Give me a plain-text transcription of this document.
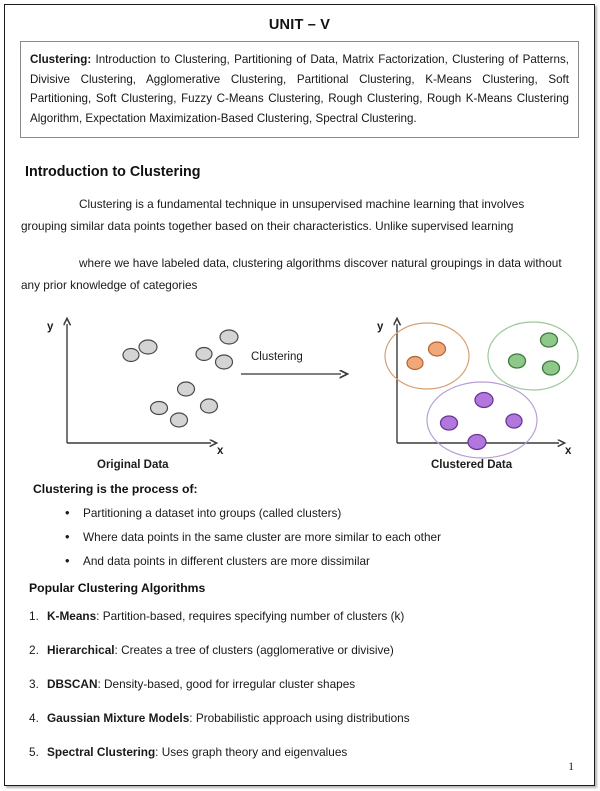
UNIT – V

Clustering: Introduction to Clustering, Partitioning of Data, Matrix Factorization, Clustering of Patterns, Divisive Clustering, Agglomerative Clustering, Partitional Clustering, K-Means Clustering, Soft Partitioning, Soft Clustering, Fuzzy C-Means Clustering, Rough Clustering, Rough K-Means Clustering Algorithm, Expectation Maximization-Based Clustering, Spectral Clustering.

Introduction to Clustering

Clustering is a fundamental technique in unsupervised machine learning that involves grouping similar data points together based on their characteristics. Unlike supervised learning

where we have labeled data, clustering algorithms discover natural groupings in data without any prior knowledge of categories

y
x
Original Data
Clustering
y
x
Clustered Data
Clustering is the process of:
• Partitioning a dataset into groups (called clusters)
• Where data points in the same cluster are more similar to each other
• And data points in different clusters are more dissimilar
Popular Clustering Algorithms
K-Means: Partition-based, requires specifying number of clusters (k)
Hierarchical: Creates a tree of clusters (agglomerative or divisive)
DBSCAN: Density-based, good for irregular cluster shapes
Gaussian Mixture Models: Probabilistic approach using distributions
Spectral Clustering: Uses graph theory and eigenvalues
1
